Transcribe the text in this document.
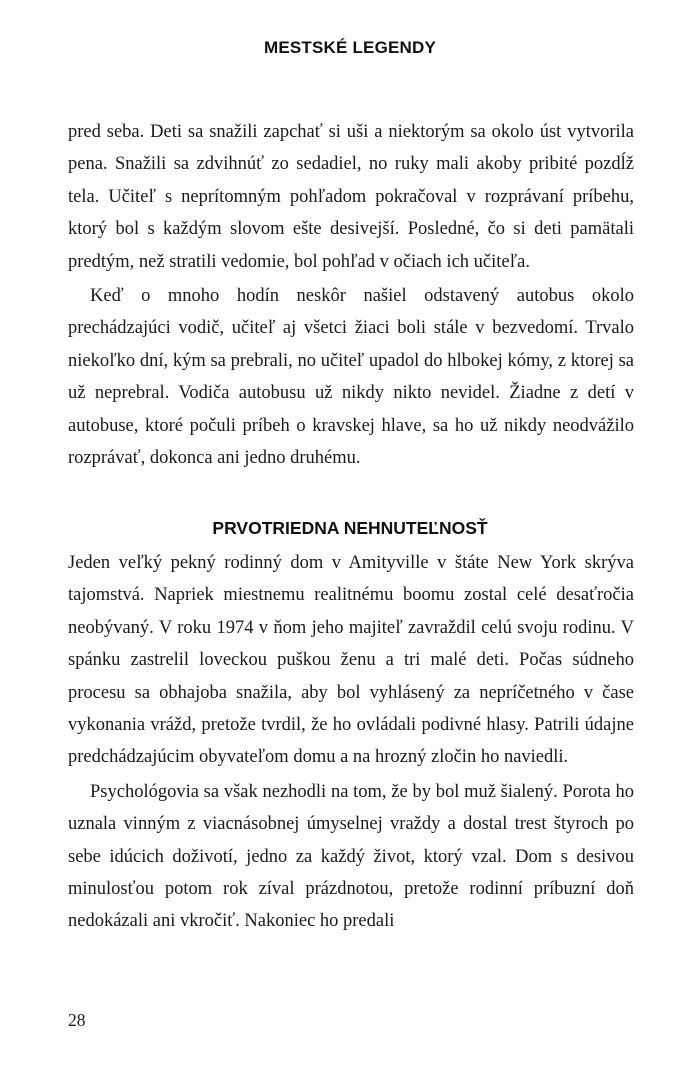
MESTSKÉ LEGENDY

pred seba. Deti sa snažili zapchať si uši a niektorým sa okolo úst vytvorila pena. Snažili sa zdvihnúť zo sedadiel, no ruky mali akoby pribité pozdĺž tela. Učiteľ s neprítomným pohľadom pokračoval v rozprávaní príbehu, ktorý bol s každým slovom ešte desivejší. Posledné, čo si deti pamätali predtým, než stratili vedomie, bol pohľad v očiach ich učiteľa.

Keď o mnoho hodín neskôr našiel odstavený autobus okolo prechádzajúci vodič, učiteľ aj všetci žiaci boli stále v bezvedomí. Trvalo niekoľko dní, kým sa prebrali, no učiteľ upadol do hlbokej kómy, z ktorej sa už neprebral. Vodiča autobusu už nikdy nikto nevidel. Žiadne z detí v autobuse, ktoré počuli príbeh o kravskej hlave, sa ho už nikdy neodvážilo rozprávať, dokonca ani jedno druhému.

PRVOTRIEDNA NEHNUTEĽNOSŤ

Jeden veľký pekný rodinný dom v Amityville v štáte New York skrýva tajomstvá. Napriek miestnemu realitnému boomu zostal celé desaťročia neobývaný. V roku 1974 v ňom jeho majiteľ zavraždil celú svoju rodinu. V spánku zastrelil loveckou puškou ženu a tri malé deti. Počas súdneho procesu sa obhajoba snažila, aby bol vyhlásený za nepríčetného v čase vykonania vrážd, pretože tvrdil, že ho ovládali podivné hlasy. Patrili údajne predchádzajúcim obyvateľom domu a na hrozný zločin ho naviedli.

Psychológovia sa však nezhodli na tom, že by bol muž šialený. Porota ho uznala vinným z viacnásobnej úmyselnej vraždy a dostal trest štyroch po sebe idúcich doživotí, jedno za každý život, ktorý vzal. Dom s desivou minulosťou potom rok zíval prázdnotou, pretože rodinní príbuzní doň nedokázali ani vkročiť. Nakoniec ho predali

28
